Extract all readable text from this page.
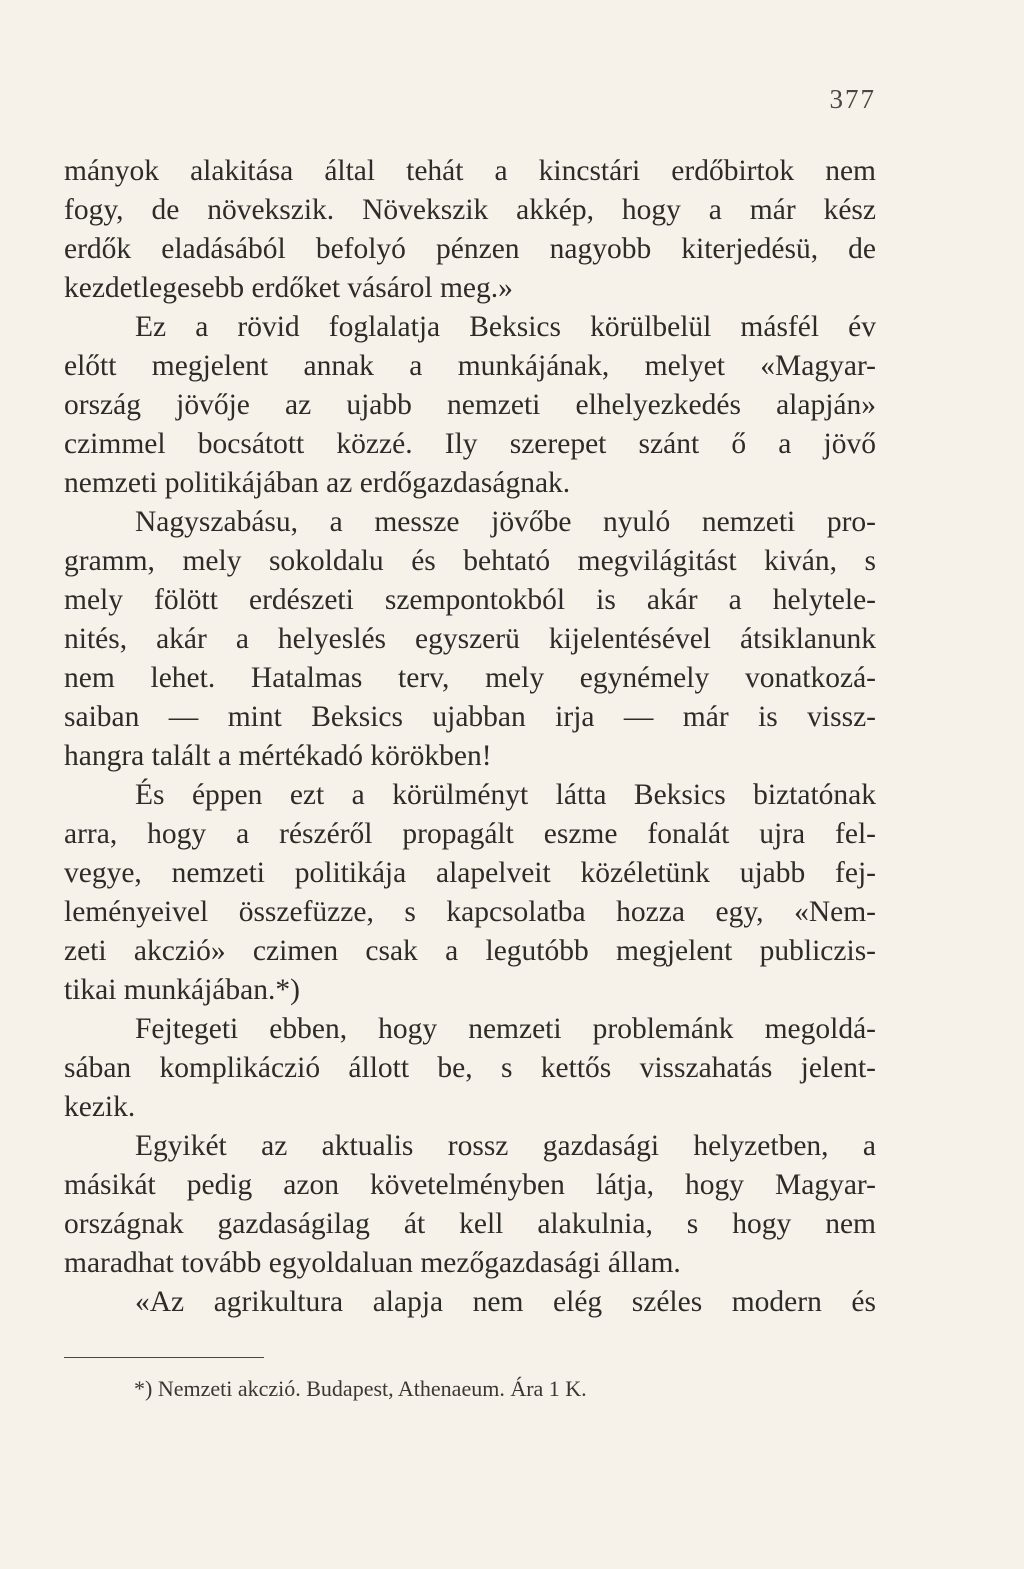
377
mányok alakitása által tehát a kincstári erdőbirtok nem
fogy, de növekszik. Növekszik akkép, hogy a már kész
erdők eladásából befolyó pénzen nagyobb kiterjedésü, de
kezdetlegesebb erdőket vásárol meg.»
Ez a rövid foglalatja Beksics körülbelül másfél év
előtt megjelent annak a munkájának, melyet «Magyar-
ország jövője az ujabb nemzeti elhelyezkedés alapján»
czimmel bocsátott közzé. Ily szerepet szánt ő a jövő
nemzeti politikájában az erdőgazdaságnak.
Nagyszabásu, a messze jövőbe nyuló nemzeti pro-
gramm, mely sokoldalu és behtató megvilágitást kiván, s
mely fölött erdészeti szempontokból is akár a helytele-
nités, akár a helyeslés egyszerü kijelentésével átsiklanunk
nem lehet. Hatalmas terv, mely egynémely vonatkozá-
saiban — mint Beksics ujabban irja — már is vissz-
hangra talált a mértékadó körökben!
És éppen ezt a körülményt látta Beksics biztatónak
arra, hogy a részéről propagált eszme fonalát ujra fel-
vegye, nemzeti politikája alapelveit közéletünk ujabb fej-
leményeivel összefüzze, s kapcsolatba hozza egy, «Nem-
zeti akczió» czimen csak a legutóbb megjelent publiczis-
tikai munkájában.*)
Fejtegeti ebben, hogy nemzeti problemánk megoldá-
sában komplikáczió állott be, s kettős visszahatás jelent-
kezik.
Egyikét az aktualis rossz gazdasági helyzetben, a
másikát pedig azon követelményben látja, hogy Magyar-
országnak gazdaságilag át kell alakulnia, s hogy nem
maradhat tovább egyoldaluan mezőgazdasági állam.
«Az agrikultura alapja nem elég széles modern és
*) Nemzeti akczió. Budapest, Athenaeum. Ára 1 K.
